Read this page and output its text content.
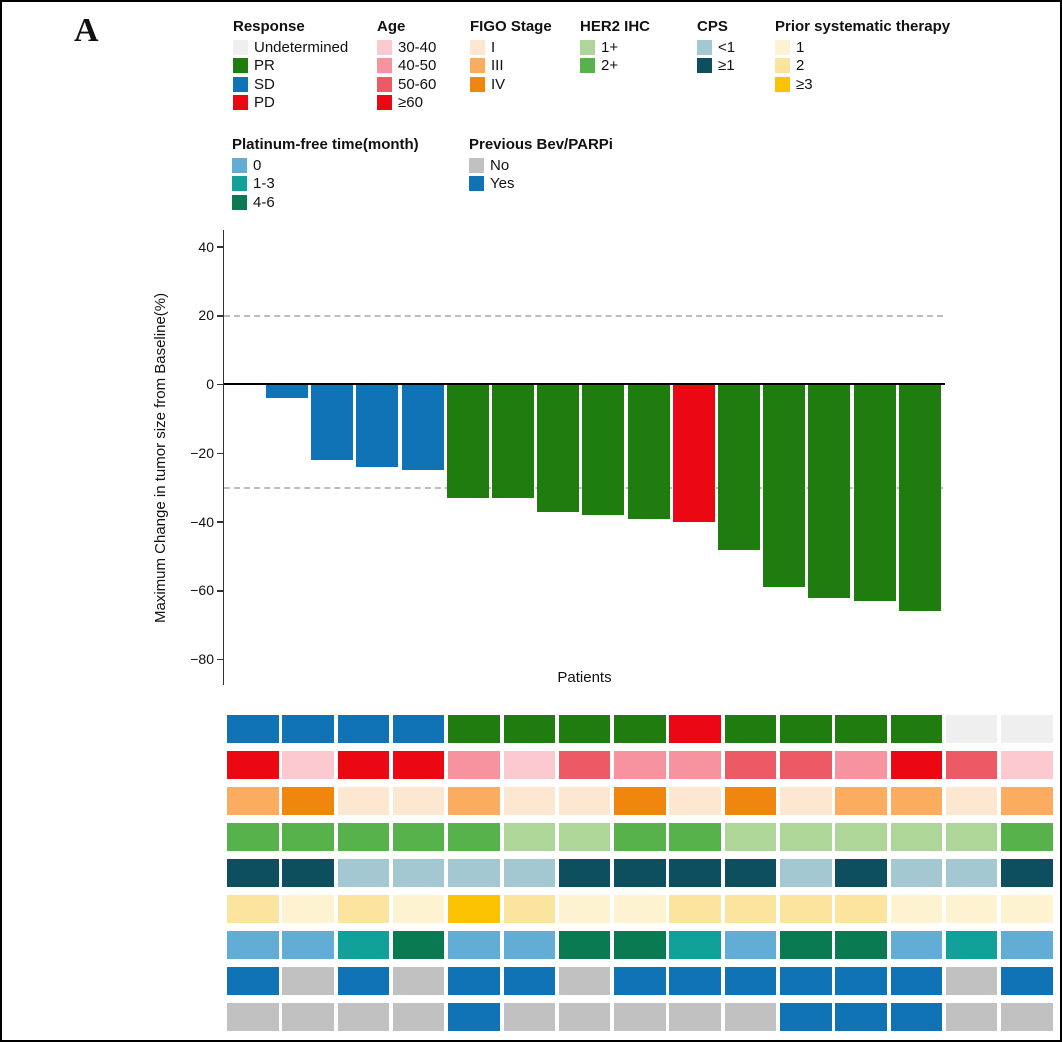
A	Response
Undetermined
PR
SD
PD
Age
30-40
40-50
50-60
≥60
FIGO Stage
I
III
IV
HER2 IHC
1+
2+
CPS
<1
≥1
Prior systematic therapy
1
2
≥3
Platinum-free time(month)
0
1-3
4-6
Previous Bev/PARPi
No
Yes
40
20
0
−20
−40
−60
−80
Maximum Change in tumor size from Baseline(%)
Patients
